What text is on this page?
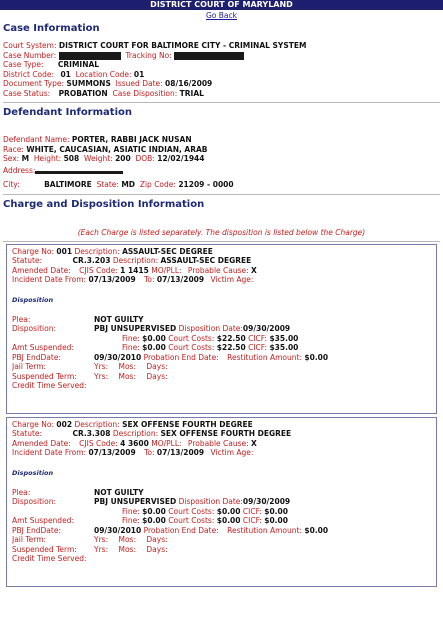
DISTRICT COURT OF MARYLAND
Go Back
Case Information
Court System: DISTRICT COURT FOR BALTIMORE CITY - CRIMINAL SYSTEM
Case Number:	Tracking No:
Case Type: CRIMINAL
District Code: 01 Location Code: 01
Document Type: SUMMONS Issued Date: 08/16/2009
Case Status: PROBATION Case Disposition: TRIAL
Defendant Information
Defendant Name: PORTER, RABBI JACK NUSAN
Race: WHITE, CAUCASIAN, ASIATIC INDIAN, ARAB
Sex: M Height: 508 Weight: 200 DOB: 12/02/1944
Address:

City:	BALTIMORE State: MD Zip Code: 21209 - 0000
Charge and Disposition Information
(Each Charge is listed separately. The disposition is listed below the Charge)
Charge No: 001 Description: ASSAULT-SEC DEGREE
Statute:	CR.3.203 Description: ASSAULT-SEC DEGREE
Amended Date: CJIS Code: 1 1415 MO/PLL: Probable Cause: X
Incident Date From: 07/13/2009 To: 07/13/2009 Victim Age:
Disposition
Plea:	NOT GUILTY
Disposition:	PBJ UNSUPERVISED Disposition Date:09/30/2009
Fine: $0.00 Court Costs: $22.50 CICF: $35.00
Amt Suspended:	Fine: $0.00 Court Costs: $22.50 CICF: $35.00
PBJ EndDate:	09/30/2010 Probation End Date: Restitution Amount: $0.00
Jail Term:	Yrs: Mos: Days:
Suspended Term: Yrs: Mos: Days:
Credit Time Served:
Charge No: 002 Description: SEX OFFENSE FOURTH DEGREE
Statute:	CR.3.308 Description: SEX OFFENSE FOURTH DEGREE
Amended Date: CJIS Code: 4 3600 MO/PLL: Probable Cause: X
Incident Date From: 07/13/2009 To: 07/13/2009 Victim Age:
Disposition
Plea:	NOT GUILTY
Disposition:	PBJ UNSUPERVISED Disposition Date:09/30/2009
Fine: $0.00 Court Costs: $0.00 CICF: $0.00
Amt Suspended:	Fine: $0.00 Court Costs: $0.00 CICF: $0.00
PBJ EndDate:	09/30/2010 Probation End Date: Restitution Amount: $0.00
Jail Term:	Yrs: Mos: Days:
Suspended Term: Yrs: Mos: Days:
Credit Time Served:
